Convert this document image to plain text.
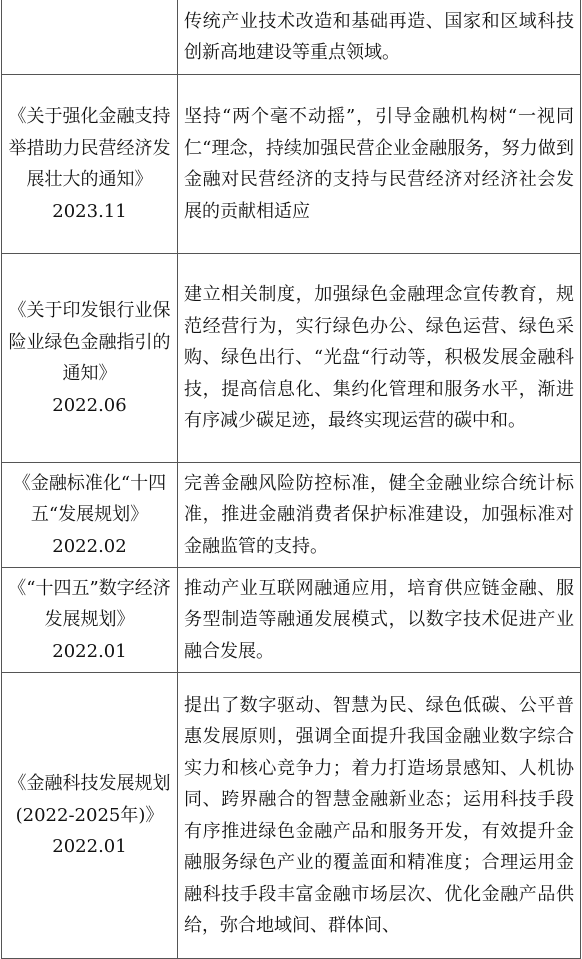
	传统产业技术改造和基础再造、国家和区域科技创新高地建设等重点领域。

《关于强化金融支持举措助力民营经济发展壮大的通知》
2023.11	坚持“两个毫不动摇”，引导金融机构树“一视同仁“理念，持续加强民营企业金融服务，努力做到金融对民营经济的支持与民营经济对经济社会发展的贡献相适应

《关于印发银行业保险业绿色金融指引的通知》
2022.06	建立相关制度，加强绿色金融理念宣传教育，规范经营行为，实行绿色办公、绿色运营、绿色采购、绿色出行、“光盘“行动等，积极发展金融科技，提高信息化、集约化管理和服务水平，渐进有序减少碳足迹，最终实现运营的碳中和。

《金融标准化“十四五“发展规划》
2022.02	完善金融风险防控标准，健全金融业综合统计标准，推进金融消费者保护标准建设，加强标准对金融监管的支持。

《“十四五”数字经济发展规划》
2022.01	推动产业互联网融通应用，培育供应链金融、服务型制造等融通发展模式，以数字技术促进产业融合发展。

《金融科技发展规划(2022-2025年)》
2022.01	提出了数字驱动、智慧为民、绿色低碳、公平普惠发展原则，强调全面提升我国金融业数字综合实力和核心竞争力；着力打造场景感知、人机协同、跨界融合的智慧金融新业态；运用科技手段有序推进绿色金融产品和服务开发，有效提升金融服务绿色产业的覆盖面和精准度；合理运用金融科技手段丰富金融市场层次、优化金融产品供给，弥合地域间、群体间、
